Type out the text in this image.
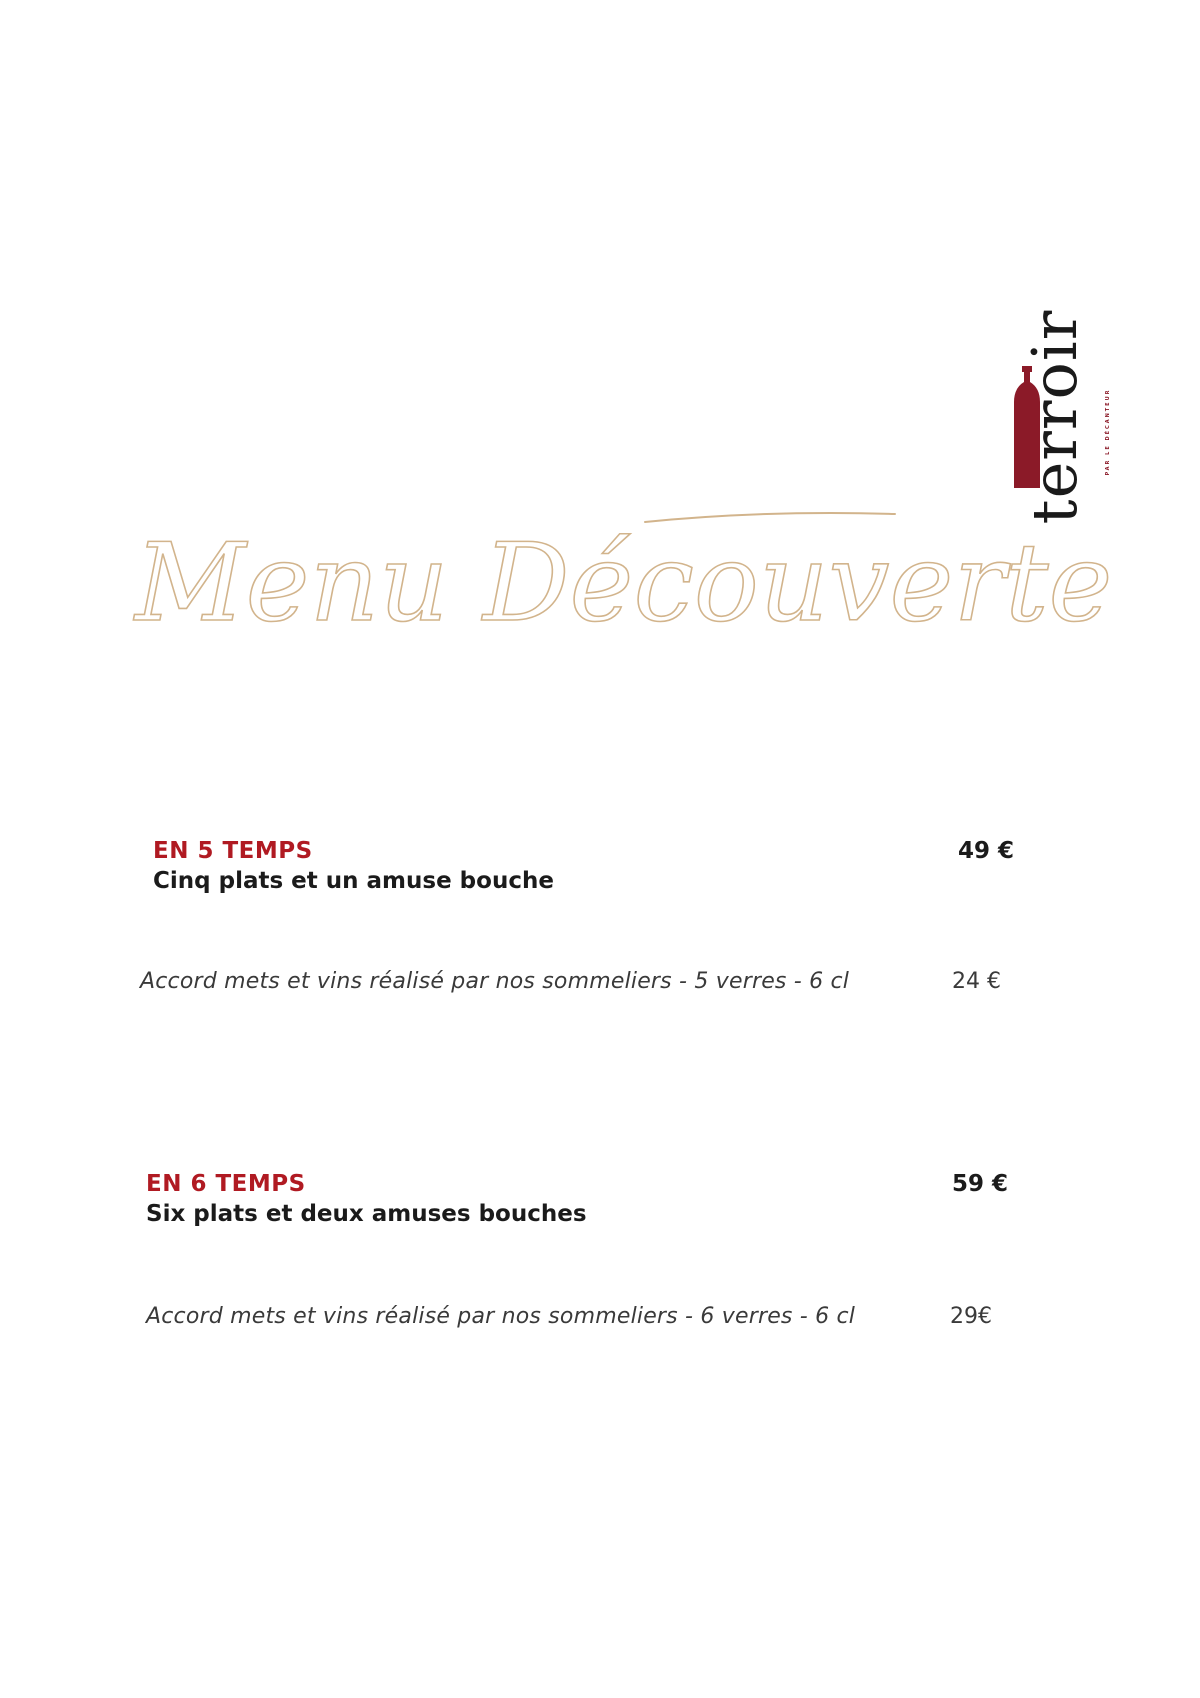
terroir	PAR LE DÉCANTEUR
Menu Découverte
EN 5 TEMPS
Cinq plats et un amuse bouche
49 €
Accord mets et vins réalisé par nos sommeliers - 5 verres - 6 cl	24 €
EN 6 TEMPS
Six plats et deux amuses bouches
59 €
Accord mets et vins réalisé par nos sommeliers - 6 verres - 6 cl	29€
